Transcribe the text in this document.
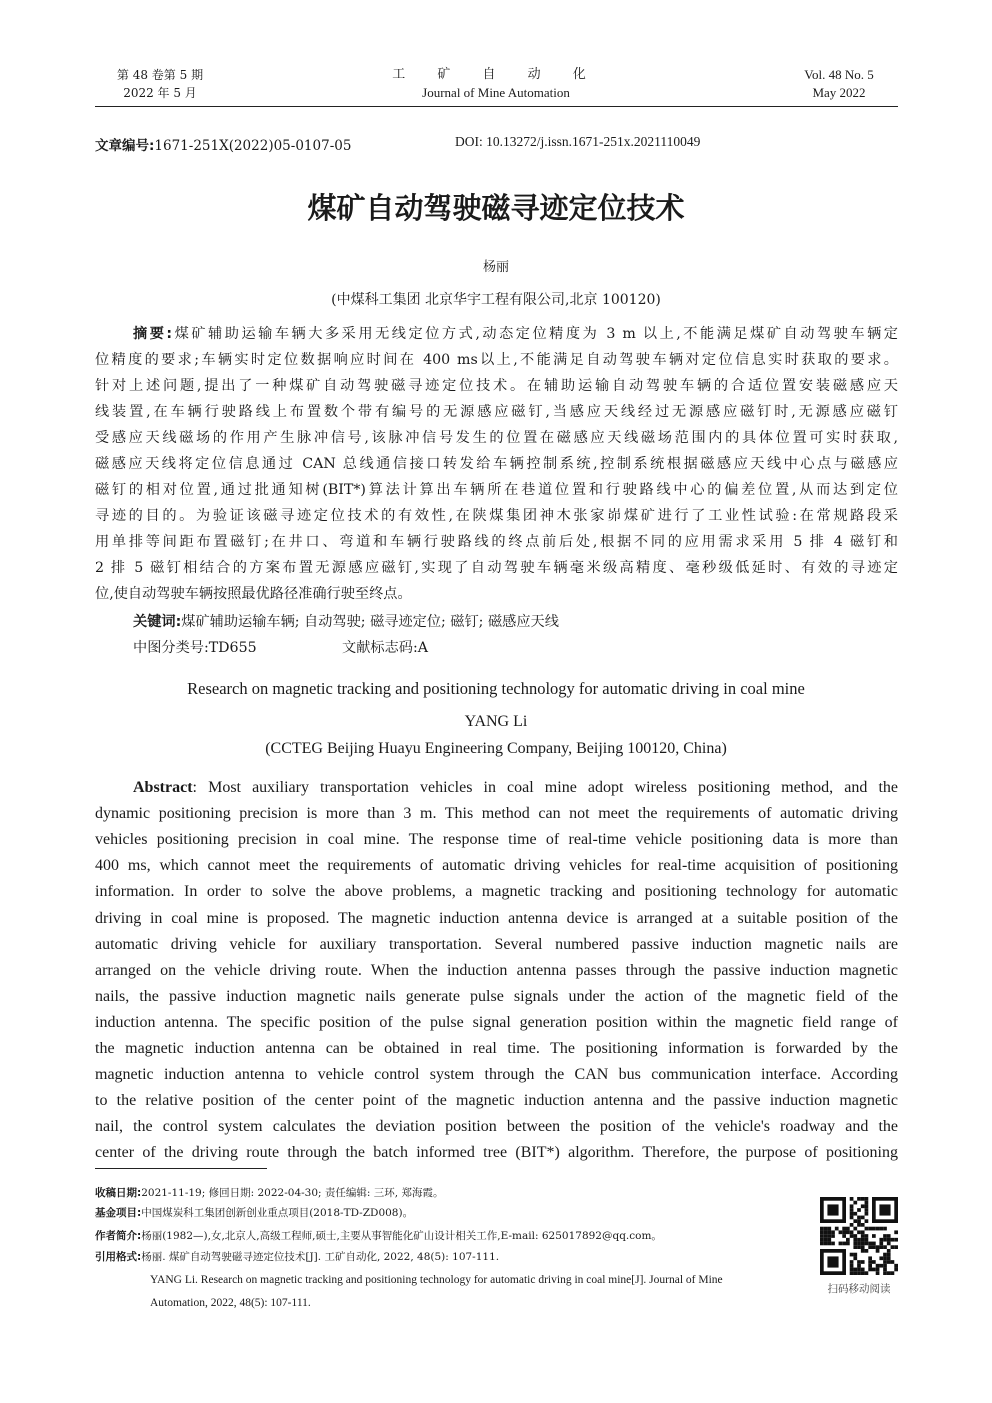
第 48 卷第 5 期
2022 年 5 月
工 矿 自 动 化
Journal of Mine Automation
Vol. 48 No. 5
May 2022
文章编号:1671-251X(2022)05-0107-05	DOI: 10.13272/j.issn.1671-251x.2021110049
煤矿自动驾驶磁寻迹定位技术
杨丽
(中煤科工集团 北京华宇工程有限公司,北京 100120)
摘要:煤矿辅助运输车辆大多采用无线定位方式,动态定位精度为 3 m 以上,不能满足煤矿自动驾驶车辆定
位精度的要求;车辆实时定位数据响应时间在 400 ms以上,不能满足自动驾驶车辆对定位信息实时获取的要求。
针对上述问题,提出了一种煤矿自动驾驶磁寻迹定位技术。在辅助运输自动驾驶车辆的合适位置安装磁感应天
线装置,在车辆行驶路线上布置数个带有编号的无源感应磁钉,当感应天线经过无源感应磁钉时,无源感应磁钉
受感应天线磁场的作用产生脉冲信号,该脉冲信号发生的位置在磁感应天线磁场范围内的具体位置可实时获取,
磁感应天线将定位信息通过 CAN 总线通信接口转发给车辆控制系统,控制系统根据磁感应天线中心点与磁感应
磁钉的相对位置,通过批通知树(BIT*)算法计算出车辆所在巷道位置和行驶路线中心的偏差位置,从而达到定位
寻迹的目的。为验证该磁寻迹定位技术的有效性,在陕煤集团神木张家峁煤矿进行了工业性试验:在常规路段采
用单排等间距布置磁钉;在井口、弯道和车辆行驶路线的终点前后处,根据不同的应用需求采用 5 排 4 磁钉和
2 排 5 磁钉相结合的方案布置无源感应磁钉,实现了自动驾驶车辆毫米级高精度、毫秒级低延时、有效的寻迹定
位,使自动驾驶车辆按照最优路径准确行驶至终点。
关键词:煤矿辅助运输车辆; 自动驾驶; 磁寻迹定位; 磁钉; 磁感应天线
中图分类号:TD655	文献标志码:A
Research on magnetic tracking and positioning technology for automatic driving in coal mine
YANG Li
(CCTEG Beijing Huayu Engineering Company, Beijing 100120, China)
Abstract: Most auxiliary transportation vehicles in coal mine adopt wireless positioning method, and the
dynamic positioning precision is more than 3 m. This method can not meet the requirements of automatic driving
vehicles positioning precision in coal mine. The response time of real-time vehicle positioning data is more than
400 ms, which cannot meet the requirements of automatic driving vehicles for real-time acquisition of positioning
information. In order to solve the above problems, a magnetic tracking and positioning technology for automatic
driving in coal mine is proposed. The magnetic induction antenna device is arranged at a suitable position of the
automatic driving vehicle for auxiliary transportation. Several numbered passive induction magnetic nails are
arranged on the vehicle driving route. When the induction antenna passes through the passive induction magnetic
nails, the passive induction magnetic nails generate pulse signals under the action of the magnetic field of the
induction antenna. The specific position of the pulse signal generation position within the magnetic field range of
the magnetic induction antenna can be obtained in real time. The positioning information is forwarded by the
magnetic induction antenna to vehicle control system through the CAN bus communication interface. According
to the relative position of the center point of the magnetic induction antenna and the passive induction magnetic
nail, the control system calculates the deviation position between the position of the vehicle's roadway and the
center of the driving route through the batch informed tree (BIT*) algorithm. Therefore, the purpose of positioning
收稿日期:2021-11-19; 修回日期: 2022-04-30; 责任编辑: 三环, 郑海霞。
基金项目:中国煤炭科工集团创新创业重点项目(2018-TD-ZD008)。
作者简介:杨丽(1982—),女,北京人,高级工程师,硕士,主要从事智能化矿山设计相关工作,E-mail: 625017892@qq.com。
引用格式:杨丽. 煤矿自动驾驶磁寻迹定位技术[J]. 工矿自动化, 2022, 48(5): 107-111.
YANG Li. Research on magnetic tracking and positioning technology for automatic driving in coal mine[J]. Journal of Mine
Automation, 2022, 48(5): 107-111.
扫码移动阅读
